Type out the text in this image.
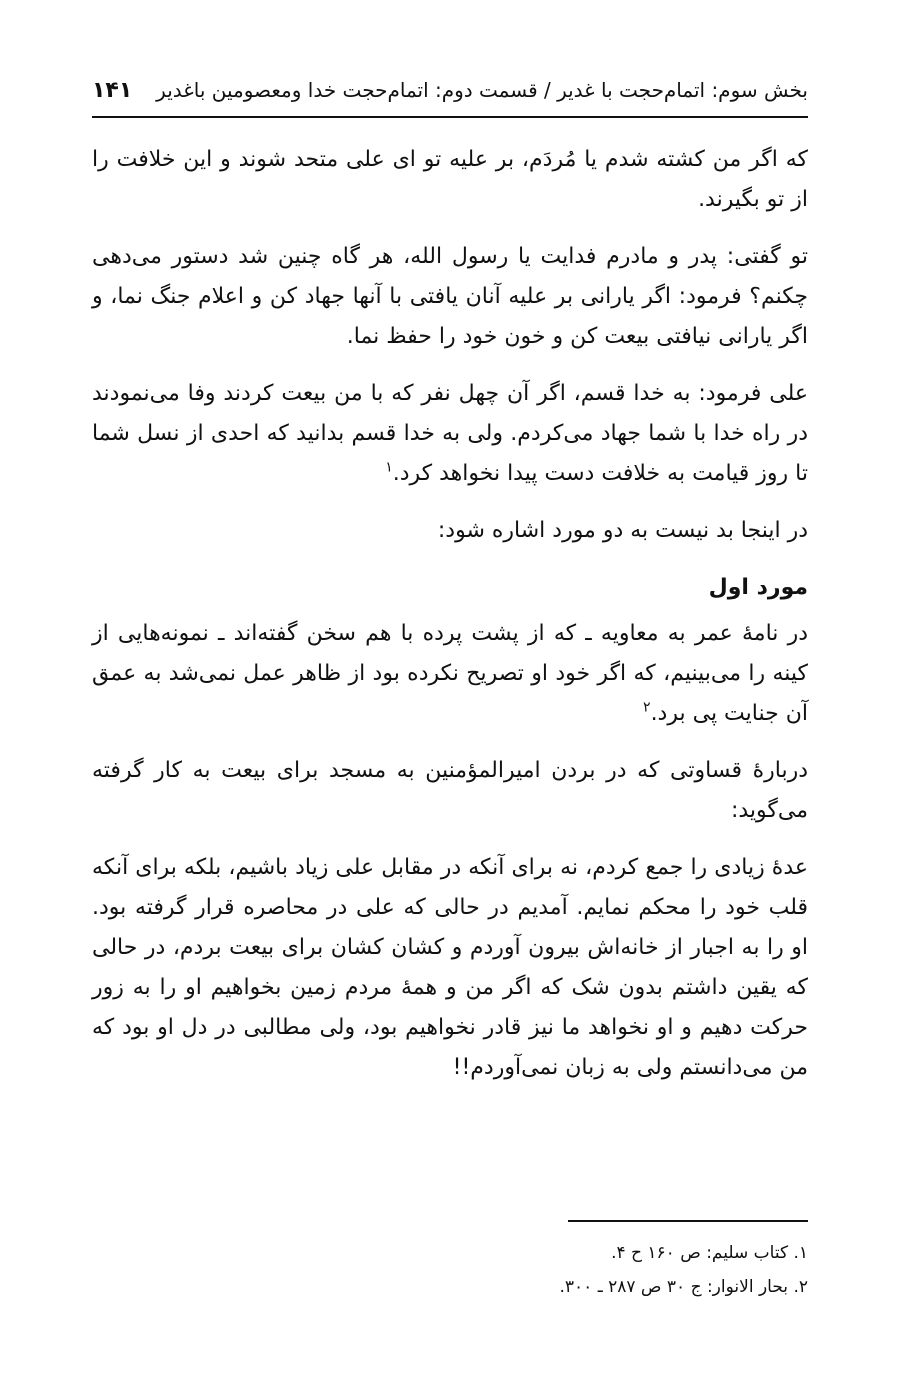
بخش سوم: اتمام‌حجت با غدیر / قسمت دوم: اتمام‌حجت خدا ومعصومین باغدیر
۱۴۱

که اگر من کشته شدم یا مُردَم، بر علیه تو ای علی متحد شوند و این خلافت را از تو بگیرند.

تو گفتی: پدر و مادرم فدایت یا رسول الله، هر گاه چنین شد دستور می‌دهی چکنم؟ فرمود: اگر یارانی بر علیه آنان یافتی با آنها جهاد کن و اعلام جنگ نما، و اگر یارانی نیافتی بیعت کن و خون خود را حفظ نما.

علی فرمود: به خدا قسم، اگر آن چهل نفر که با من بیعت کردند وفا می‌نمودند در راه خدا با شما جهاد می‌کردم. ولی به خدا قسم بدانید که احدی از نسل شما تا روز قیامت به خلافت دست پیدا نخواهد کرد.$^۱$

در اینجا بد نیست به دو مورد اشاره شود:

مورد اول

در نامهٔ عمر به معاویه ـ که از پشت پرده با هم سخن گفته‌اند ـ نمونه‌هایی از کینه را می‌بینیم، که اگر خود او تصریح نکرده بود از ظاهر عمل نمی‌شد به عمق آن جنایت پی برد.$^۲$

دربارهٔ قساوتی که در بردن امیرالمؤمنین به مسجد برای بیعت به کار گرفته می‌گوید:

عدهٔ زیادی را جمع کردم، نه برای آنکه در مقابل علی زیاد باشیم، بلکه برای آنکه قلب خود را محکم نمایم. آمدیم در حالی که علی در محاصره قرار گرفته بود. او را به اجبار از خانه‌اش بیرون آوردم و کشان کشان برای بیعت بردم، در حالی که یقین داشتم بدون شک که اگر من و همهٔ مردم زمین بخواهیم او را به زور حرکت دهیم و او نخواهد ما نیز قادر نخواهیم بود، ولی مطالبی در دل او بود که من می‌دانستم ولی به زبان نمی‌آوردم!!

۱. کتاب سلیم: ص ۱۶۰ ح ۴.
۲. بحار الانوار: ج ۳۰ ص ۲۸۷ ـ ۳۰۰.
